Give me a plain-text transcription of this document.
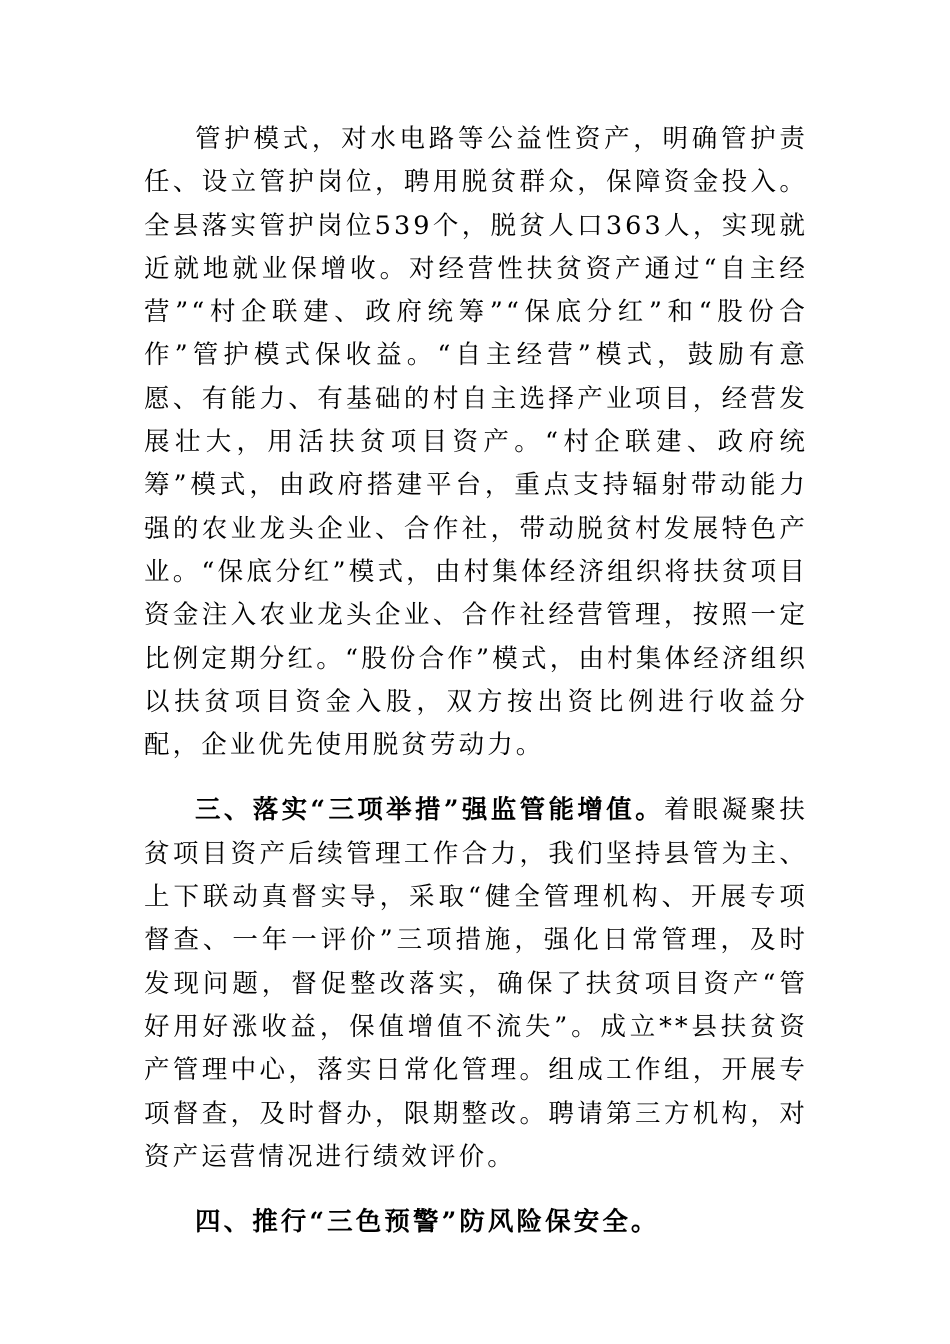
管护模式，对水电路等公益性资产，明确管护责任、设立管护岗位，聘用脱贫群众，保障资金投入。全县落实管护岗位539个，脱贫人口363人，实现就近就地就业保增收。对经营性扶贫资产通过“自主经营”“村企联建、政府统筹”“保底分红”和“股份合作”管护模式保收益。“自主经营”模式，鼓励有意愿、有能力、有基础的村自主选择产业项目，经营发展壮大，用活扶贫项目资产。“村企联建、政府统筹”模式，由政府搭建平台，重点支持辐射带动能力强的农业龙头企业、合作社，带动脱贫村发展特色产业。“保底分红”模式，由村集体经济组织将扶贫项目资金注入农业龙头企业、合作社经营管理，按照一定比例定期分红。“股份合作”模式，由村集体经济组织以扶贫项目资金入股，双方按出资比例进行收益分配，企业优先使用脱贫劳动力。

三、落实“三项举措”强监管能增值。着眼凝聚扶贫项目资产后续管理工作合力，我们坚持县管为主、上下联动真督实导，采取“健全管理机构、开展专项督查、一年一评价”三项措施，强化日常管理，及时发现问题，督促整改落实，确保了扶贫项目资产“管好用好涨收益，保值增值不流失”。成立**县扶贫资产管理中心，落实日常化管理。组成工作组，开展专项督查，及时督办，限期整改。聘请第三方机构，对资产运营情况进行绩效评价。

四、推行“三色预警”防风险保安全。
